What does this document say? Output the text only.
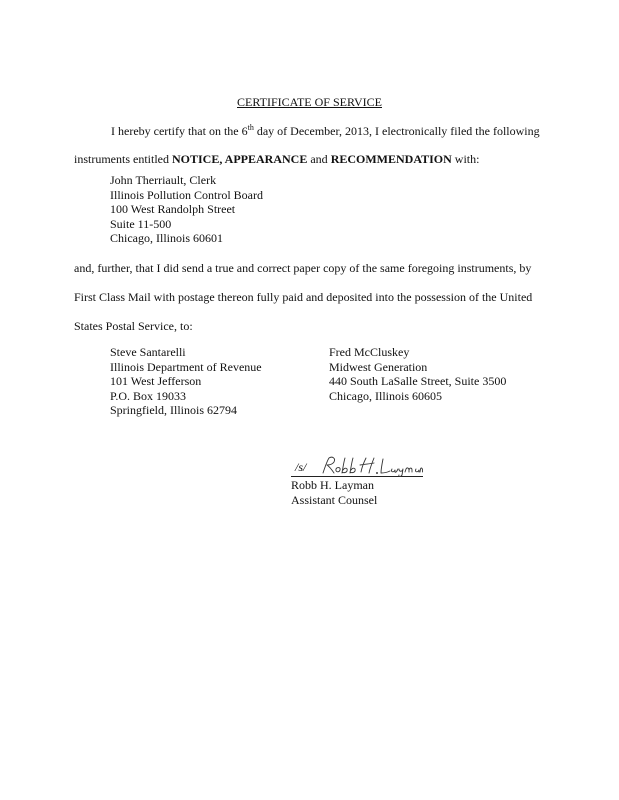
CERTIFICATE OF SERVICE
I hereby certify that on the 6th day of December, 2013, I electronically filed the following
instruments entitled NOTICE, APPEARANCE and RECOMMENDATION with:
John Therriault, Clerk
Illinois Pollution Control Board
100 West Randolph Street
Suite 11-500
Chicago, Illinois 60601
and, further, that I did send a true and correct paper copy of the same foregoing instruments, by
First Class Mail with postage thereon fully paid and deposited into the possession of the United
States Postal Service, to:
Steve Santarelli
Illinois Department of Revenue
101 West Jefferson
P.O. Box 19033
Springfield, Illinois 62794
Fred McCluskey
Midwest Generation
440 South LaSalle Street, Suite 3500
Chicago, Illinois 60605
/s/
Robb H. Layman
Assistant Counsel
